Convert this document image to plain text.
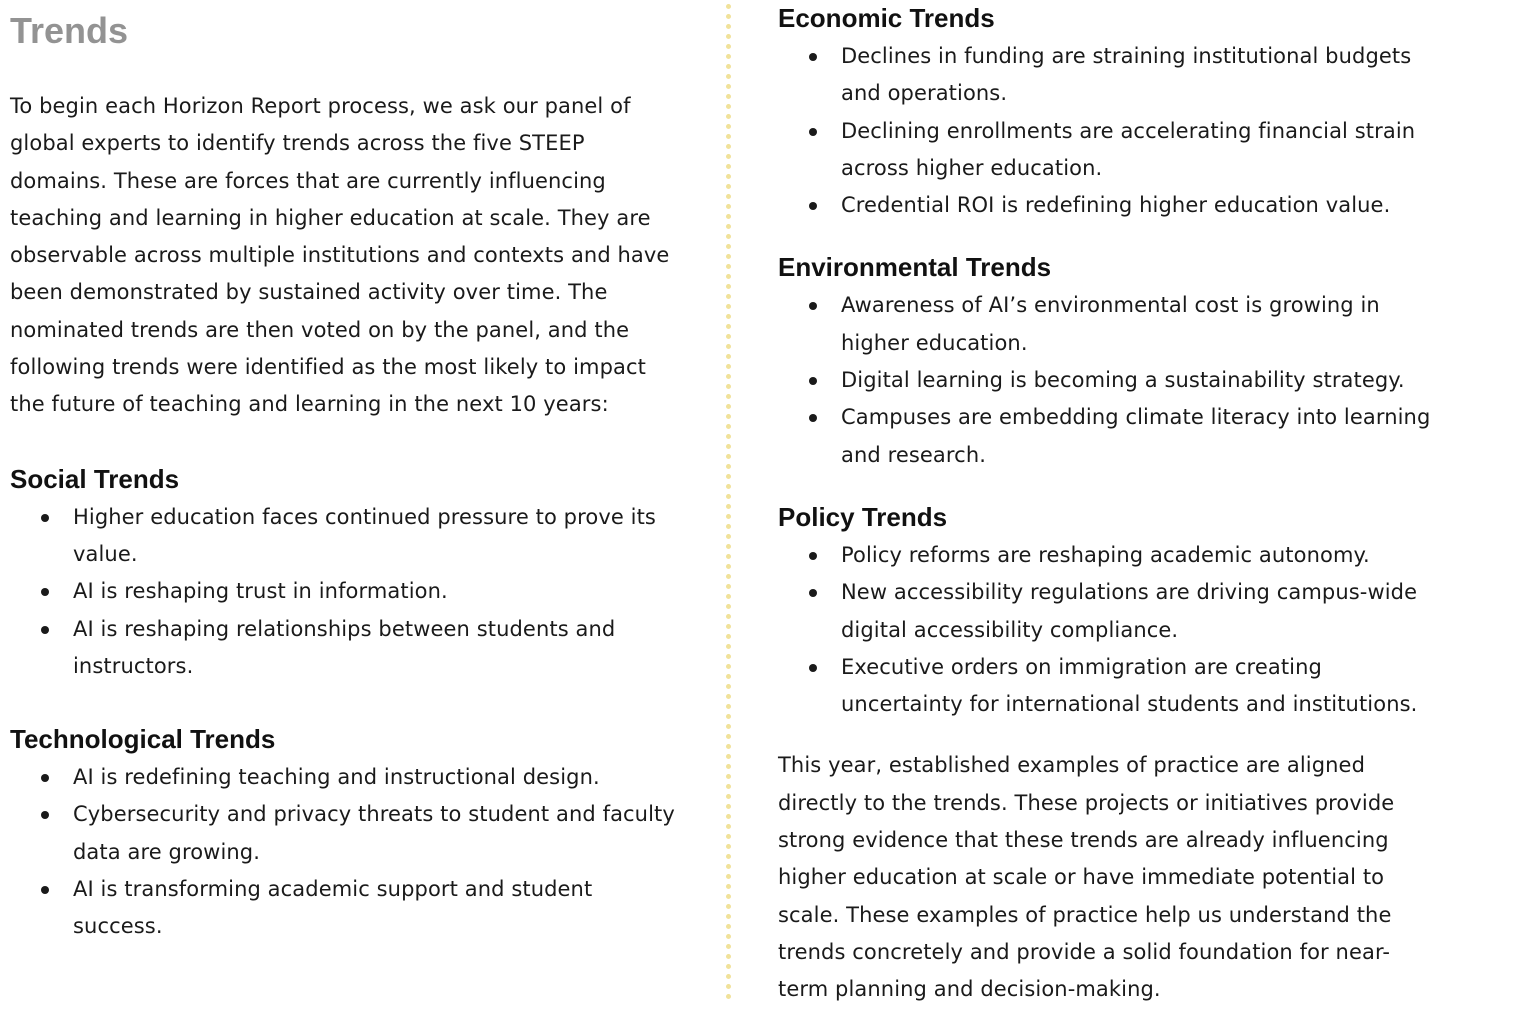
Trends

To begin each Horizon Report process, we ask our panel of global experts to identify trends across the five STEEP domains. These are forces that are currently influencing teaching and learning in higher education at scale. They are observable across multiple institutions and contexts and have been demonstrated by sustained activity over time. The nominated trends are then voted on by the panel, and the following trends were identified as the most likely to impact the future of teaching and learning in the next 10 years:

Social Trends
Higher education faces continued pressure to prove its value.
AI is reshaping trust in information.
AI is reshaping relationships between students and instructors.
Technological Trends
AI is redefining teaching and instructional design.
Cybersecurity and privacy threats to student and faculty data are growing.
AI is transforming academic support and student success.
Economic Trends
Declines in funding are straining institutional budgets and operations.
Declining enrollments are accelerating financial strain across higher education.
Credential ROI is redefining higher education value.
Environmental Trends
Awareness of AI’s environmental cost is growing in higher education.
Digital learning is becoming a sustainability strategy.
Campuses are embedding climate literacy into learning and research.
Policy Trends
Policy reforms are reshaping academic autonomy.
New accessibility regulations are driving campus-wide digital accessibility compliance.
Executive orders on immigration are creating uncertainty for international students and institutions.

This year, established examples of practice are aligned directly to the trends. These projects or initiatives provide strong evidence that these trends are already influencing higher education at scale or have immediate potential to scale. These examples of practice help us understand the trends concretely and provide a solid foundation for near-term planning and decision-making.
